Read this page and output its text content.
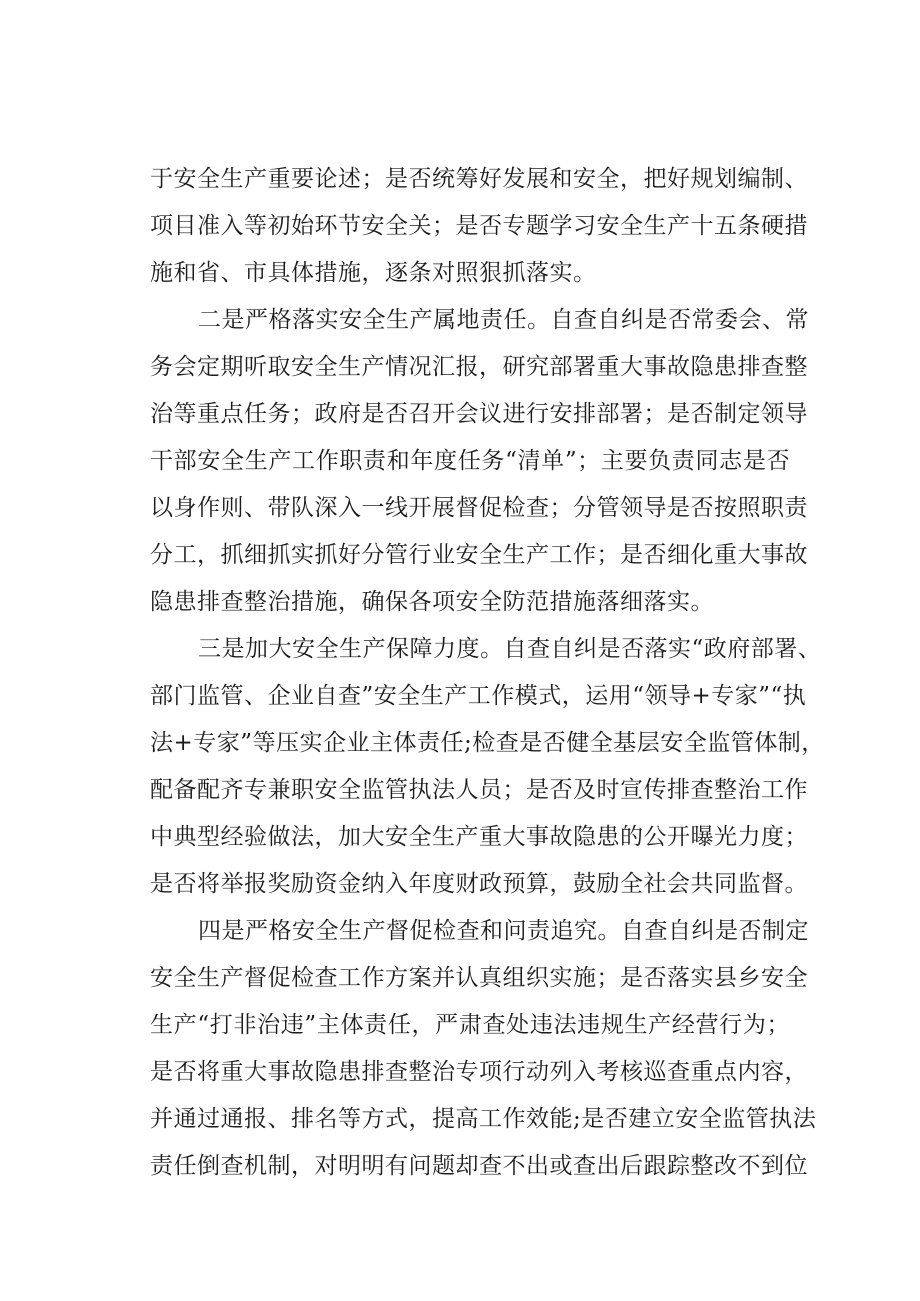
于安全生产重要论述；是否统筹好发展和安全，把好规划编制、
项目准入等初始环节安全关；是否专题学习安全生产十五条硬措
施和省、市具体措施，逐条对照狠抓落实。
二是严格落实安全生产属地责任。自查自纠是否常委会、常
务会定期听取安全生产情况汇报，研究部署重大事故隐患排查整
治等重点任务；政府是否召开会议进行安排部署；是否制定领导
干部安全生产工作职责和年度任务“清单”；主要负责同志是否
以身作则、带队深入一线开展督促检查；分管领导是否按照职责
分工，抓细抓实抓好分管行业安全生产工作；是否细化重大事故
隐患排查整治措施，确保各项安全防范措施落细落实。
三是加大安全生产保障力度。自查自纠是否落实“政府部署、
部门监管、企业自查”安全生产工作模式，运用“领导+专家”“执
法+专家”等压实企业主体责任;检查是否健全基层安全监管体制，
配备配齐专兼职安全监管执法人员；是否及时宣传排查整治工作
中典型经验做法，加大安全生产重大事故隐患的公开曝光力度；
是否将举报奖励资金纳入年度财政预算，鼓励全社会共同监督。
四是严格安全生产督促检查和问责追究。自查自纠是否制定
安全生产督促检查工作方案并认真组织实施；是否落实县乡安全
生产“打非治违”主体责任，严肃查处违法违规生产经营行为；
是否将重大事故隐患排查整治专项行动列入考核巡查重点内容，
并通过通报、排名等方式，提高工作效能;是否建立安全监管执法
责任倒查机制，对明明有问题却查不出或查出后跟踪整改不到位
